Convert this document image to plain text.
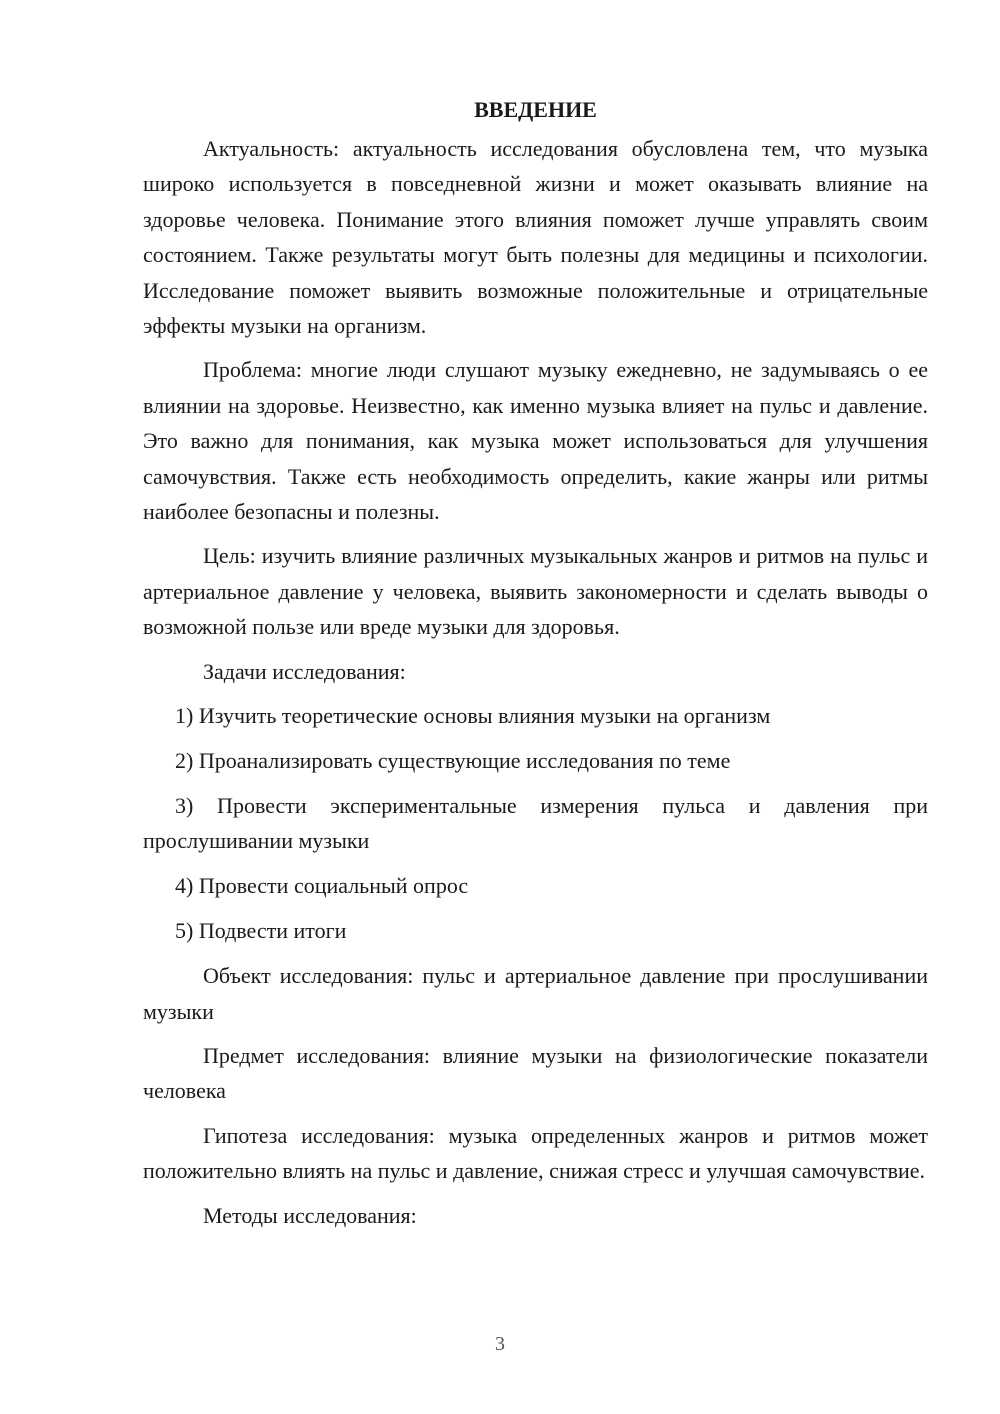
ВВЕДЕНИЕ

Актуальность: актуальность исследования обусловлена тем, что музыка широко используется в повседневной жизни и может оказывать влияние на здоровье человека. Понимание этого влияния поможет лучше управлять своим состоянием. Также результаты могут быть полезны для медицины и психологии. Исследование поможет выявить возможные положительные и отрицательные эффекты музыки на организм.

Проблема: многие люди слушают музыку ежедневно, не задумываясь о ее влиянии на здоровье. Неизвестно, как именно музыка влияет на пульс и давление. Это важно для понимания, как музыка может использоваться для улучшения самочувствия. Также есть необходимость определить, какие жанры или ритмы наиболее безопасны и полезны.

Цель: изучить влияние различных музыкальных жанров и ритмов на пульс и артериальное давление у человека, выявить закономерности и сделать выводы о возможной пользе или вреде музыки для здоровья.

Задачи исследования:

1) Изучить теоретические основы влияния музыки на организм

2) Проанализировать существующие исследования по теме

3) Провести экспериментальные измерения пульса и давления при прослушивании музыки

4) Провести социальный опрос

5) Подвести итоги

Объект исследования: пульс и артериальное давление при прослушивании музыки

Предмет исследования: влияние музыки на физиологические показатели человека

Гипотеза исследования: музыка определенных жанров и ритмов может положительно влиять на пульс и давление, снижая стресс и улучшая самочувствие.

Методы исследования:

3
